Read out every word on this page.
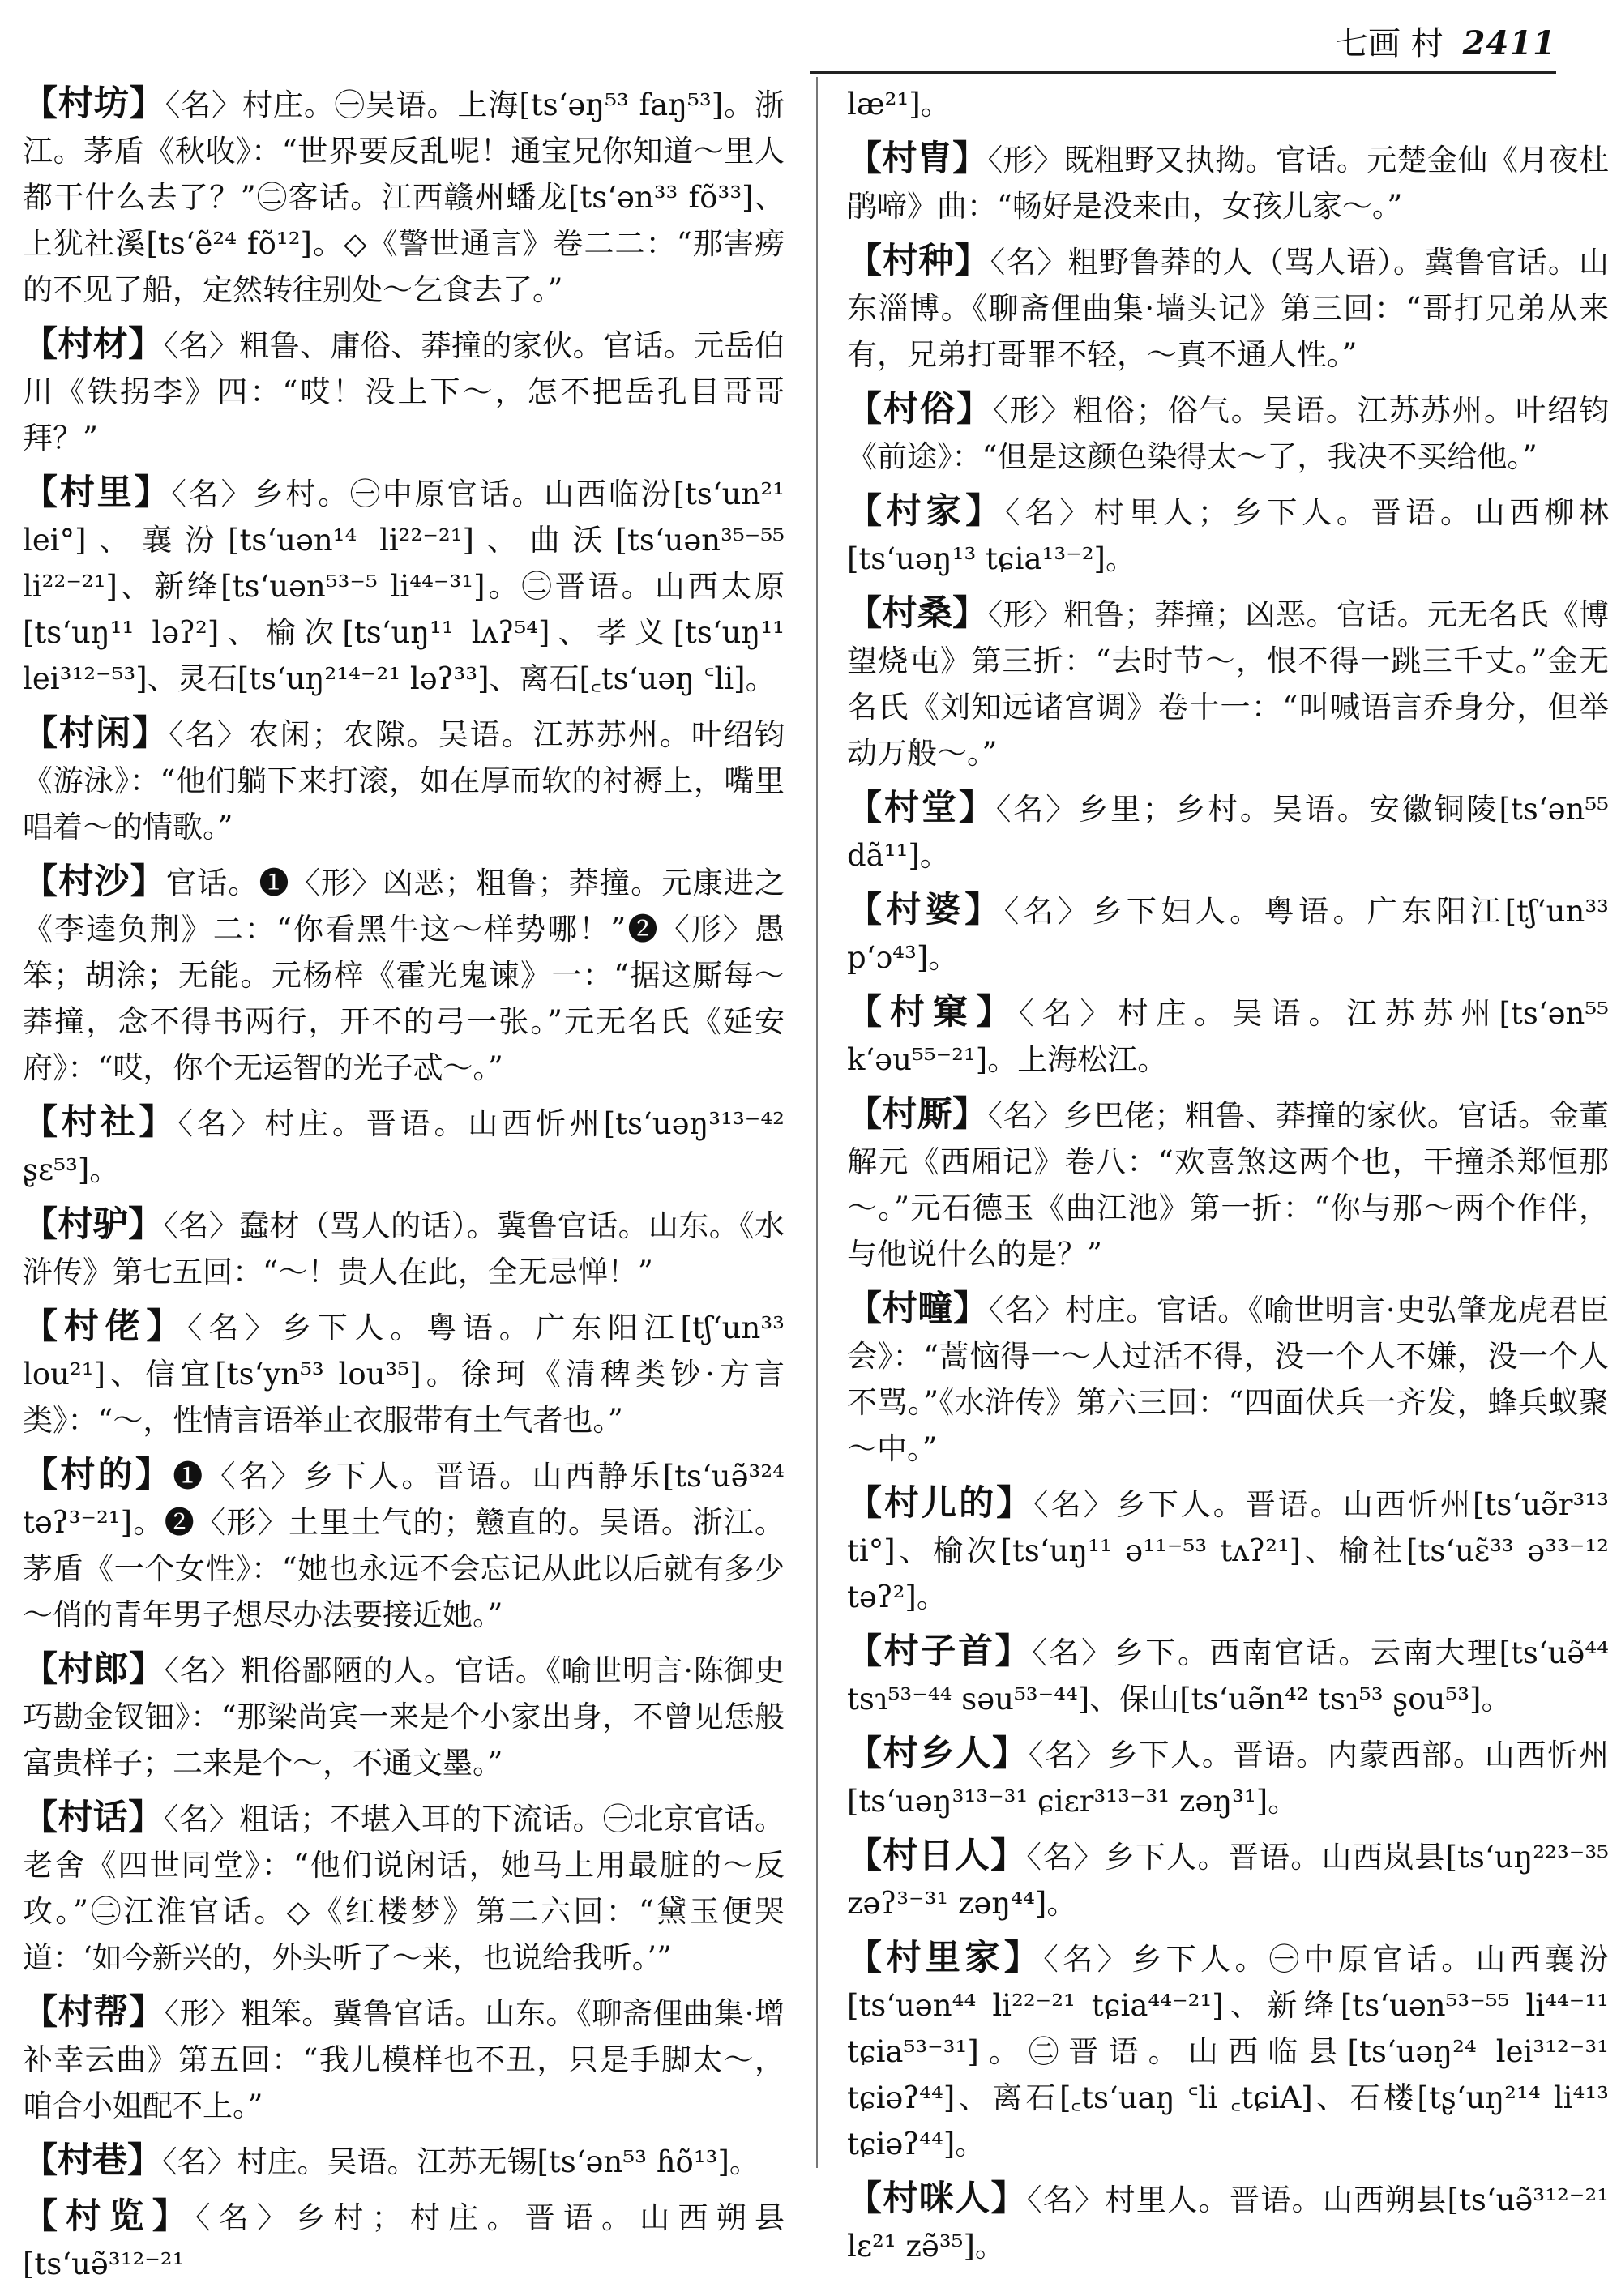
七画 村 2411
【村坊】〈名〉村庄。㊀吴语。上海[tsʻəŋ⁵³ faŋ⁵³]。浙江。茅盾《秋收》：“世界要反乱呢！通宝兄你知道～里人都干什么去了？”㊁客话。江西赣州蟠龙[tsʻən³³ fõ³³]、上犹社溪[tsʻẽ²⁴ fõ¹²]。◇《警世通言》卷二二：“那害痨的不见了船，定然转往别处～乞食去了。”
【村材】〈名〉粗鲁、庸俗、莽撞的家伙。官话。元岳伯川《铁拐李》四：“哎！没上下～，怎不把岳孔目哥哥拜？”
【村里】〈名〉乡村。㊀中原官话。山西临汾[tsʻun²¹ lei°]、襄汾[tsʻuən¹⁴ li²²⁻²¹]、曲沃[tsʻuən³⁵⁻⁵⁵ li²²⁻²¹]、新绛[tsʻuən⁵³⁻⁵ li⁴⁴⁻³¹]。㊁晋语。山西太原[tsʻuŋ¹¹ ləʔ²]、榆次[tsʻuŋ¹¹ lʌʔ⁵⁴]、孝义[tsʻuŋ¹¹ lei³¹²⁻⁵³]、灵石[tsʻuŋ²¹⁴⁻²¹ ləʔ³³]、离石[꜀tsʻuəŋ ꜂li]。
【村闲】〈名〉农闲；农隙。吴语。江苏苏州。叶绍钧《游泳》：“他们躺下来打滚，如在厚而软的衬褥上，嘴里唱着～的情歌。”
【村沙】官话。❶〈形〉凶恶；粗鲁；莽撞。元康进之《李逵负荆》二：“你看黑牛这～样势哪！”❷〈形〉愚笨；胡涂；无能。元杨梓《霍光鬼谏》一：“据这厮每～莽撞，念不得书两行，开不的弓一张。”元无名氏《延安府》：“哎，你个无运智的光子忒～。”
【村社】〈名〉村庄。晋语。山西忻州[tsʻuəŋ³¹³⁻⁴² ʂɛ⁵³]。
【村驴】〈名〉蠢材（骂人的话）。冀鲁官话。山东。《水浒传》第七五回：“～！贵人在此，全无忌惮！”
【村佬】〈名〉乡下人。粤语。广东阳江[tʃʻun³³ lou²¹]、信宜[tsʻyn⁵³ lou³⁵]。徐珂《清稗类钞·方言类》：“～，性情言语举止衣服带有土气者也。”
【村的】❶〈名〉乡下人。晋语。山西静乐[tsʻuə̃³²⁴ təʔ³⁻²¹]。❷〈形〉土里土气的；戆直的。吴语。浙江。茅盾《一个女性》：“她也永远不会忘记从此以后就有多少～俏的青年男子想尽办法要接近她。”
【村郎】〈名〉粗俗鄙陋的人。官话。《喻世明言·陈御史巧勘金钗钿》：“那梁尚宾一来是个小家出身，不曾见恁般富贵样子；二来是个～，不通文墨。”
【村话】〈名〉粗话；不堪入耳的下流话。㊀北京官话。老舍《四世同堂》：“他们说闲话，她马上用最脏的～反攻。”㊁江淮官话。◇《红楼梦》第二六回：“黛玉便哭道：‘如今新兴的，外头听了～来，也说给我听。’”
【村帮】〈形〉粗笨。冀鲁官话。山东。《聊斋俚曲集·增补幸云曲》第五回：“我儿模样也不丑，只是手脚太～，咱合小姐配不上。”
【村巷】〈名〉村庄。吴语。江苏无锡[tsʻən⁵³ ɦõ¹³]。
【村览】〈名〉乡村；村庄。晋语。山西朔县[tsʻuə̃³¹²⁻²¹
læ²¹]。
【村胄】〈形〉既粗野又执拗。官话。元楚金仙《月夜杜鹃啼》曲：“畅好是没来由，女孩儿家～。”
【村种】〈名〉粗野鲁莽的人（骂人语）。冀鲁官话。山东淄博。《聊斋俚曲集·墙头记》第三回：“哥打兄弟从来有，兄弟打哥罪不轻，～真不通人性。”
【村俗】〈形〉粗俗；俗气。吴语。江苏苏州。叶绍钧《前途》：“但是这颜色染得太～了，我决不买给他。”
【村家】〈名〉村里人；乡下人。晋语。山西柳林[tsʻuəŋ¹³ tɕia¹³⁻²]。
【村桑】〈形〉粗鲁；莽撞；凶恶。官话。元无名氏《博望烧屯》第三折：“去时节～，恨不得一跳三千丈。”金无名氏《刘知远诸宫调》卷十一：“叫喊语言乔身分，但举动万般～。”
【村堂】〈名〉乡里；乡村。吴语。安徽铜陵[tsʻən⁵⁵ dã¹¹]。
【村婆】〈名〉乡下妇人。粤语。广东阳江[tʃʻun³³ pʻɔ⁴³]。
【村窠】〈名〉村庄。吴语。江苏苏州[tsʻən⁵⁵ kʻəu⁵⁵⁻²¹]。上海松江。
【村厮】〈名〉乡巴佬；粗鲁、莽撞的家伙。官话。金董解元《西厢记》卷八：“欢喜煞这两个也，干撞杀郑恒那～。”元石德玉《曲江池》第一折：“你与那～两个作伴，与他说什么的是？”
【村疃】〈名〉村庄。官话。《喻世明言·史弘肇龙虎君臣会》：“蒿恼得一～人过活不得，没一个人不嫌，没一个人不骂。”《水浒传》第六三回：“四面伏兵一齐发，蜂兵蚁聚～中。”
【村儿的】〈名〉乡下人。晋语。山西忻州[tsʻuə̃r³¹³ ti°]、榆次[tsʻuŋ¹¹ ə¹¹⁻⁵³ tʌʔ²¹]、榆社[tsʻuɛ̃³³ ə³³⁻¹² təʔ²]。
【村子首】〈名〉乡下。西南官话。云南大理[tsʻuə̃⁴⁴ tsɿ⁵³⁻⁴⁴ səu⁵³⁻⁴⁴]、保山[tsʻuə̃n⁴² tsɿ⁵³ ʂou⁵³]。
【村乡人】〈名〉乡下人。晋语。内蒙西部。山西忻州[tsʻuəŋ³¹³⁻³¹ ɕiɛr³¹³⁻³¹ zəŋ³¹]。
【村日人】〈名〉乡下人。晋语。山西岚县[tsʻuŋ²²³⁻³⁵ zəʔ³⁻³¹ zəŋ⁴⁴]。
【村里家】〈名〉乡下人。㊀中原官话。山西襄汾[tsʻuən⁴⁴ li²²⁻²¹ tɕia⁴⁴⁻²¹]、新绛[tsʻuən⁵³⁻⁵⁵ li⁴⁴⁻¹¹ tɕia⁵³⁻³¹]。㊁晋语。山西临县[tsʻuəŋ²⁴ lei³¹²⁻³¹ tɕiəʔ⁴⁴]、离石[꜀tsʻuaŋ ꜂li ꜀tɕiA]、石楼[tʂʻuŋ²¹⁴ li⁴¹³ tɕiəʔ⁴⁴]。
【村咪人】〈名〉村里人。晋语。山西朔县[tsʻuə̃³¹²⁻²¹ lɛ²¹ zə̃³⁵]。
